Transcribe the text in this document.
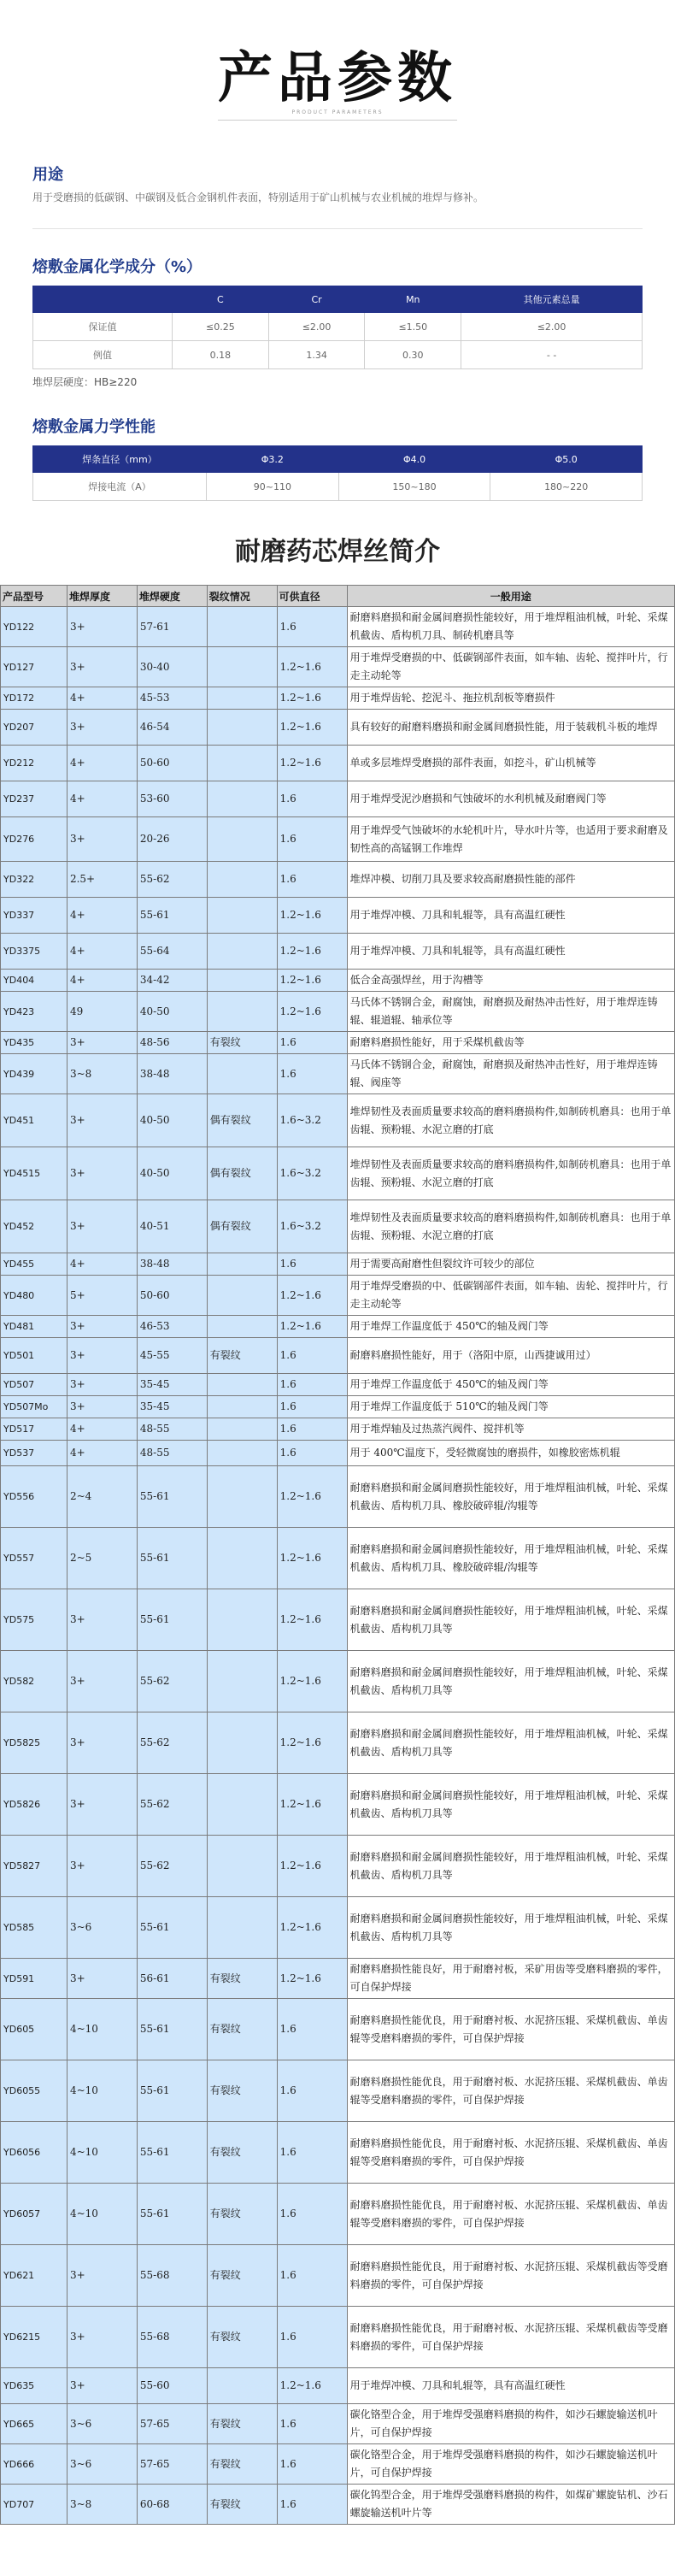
产品参数
PRODUCT PARAMETERS
用途
用于受磨损的低碳钢、中碳钢及低合金钢机件表面，特别适用于矿山机械与农业机械的堆焊与修补。
熔敷金属化学成分（%）
	C	Cr	Mn	其他元素总量
保证值	≤0.25	≤2.00	≤1.50	≤2.00
例值	0.18	1.34	0.30	- -
堆焊层硬度：HB≥220
熔敷金属力学性能
焊条直径（mm）	Φ3.2	Φ4.0	Φ5.0
焊接电流（A）	90~110	150~180	180~220
耐磨药芯焊丝简介
产品型号	堆焊厚度	堆焊硬度	裂纹情况	可供直径	一般用途
YD122	3+	57-61		1.6	耐磨料磨损和耐金属间磨损性能较好，用于堆焊粗油机械，叶轮、采煤机截齿、盾构机刀具、制砖机磨具等
YD127	3+	30-40		1.2~1.6	用于堆焊受磨损的中、低碳钢部件表面，如车轴、齿轮、搅拌叶片，行走主动轮等
YD172	4+	45-53		1.2~1.6	用于堆焊齿轮、挖泥斗、拖拉机刮板等磨损件
YD207	3+	46-54		1.2~1.6	具有较好的耐磨料磨损和耐金属间磨损性能，用于装载机斗板的堆焊
YD212	4+	50-60		1.2~1.6	单或多层堆焊受磨损的部件表面，如挖斗，矿山机械等
YD237	4+	53-60		1.6	用于堆焊受泥沙磨损和气蚀破坏的水利机械及耐磨阀门等
YD276	3+	20-26		1.6	用于堆焊受气蚀破坏的水轮机叶片，导水叶片等，也适用于要求耐磨及韧性高的高锰钢工作堆焊
YD322	2.5+	55-62		1.6	堆焊冲模、切削刀具及要求较高耐磨损性能的部件
YD337	4+	55-61		1.2~1.6	用于堆焊冲模、刀具和轧辊等，具有高温红硬性
YD3375	4+	55-64		1.2~1.6	用于堆焊冲模、刀具和轧辊等，具有高温红硬性
YD404	4+	34-42		1.2~1.6	低合金高强焊丝，用于沟槽等
YD423	49	40-50		1.2~1.6	马氏体不锈钢合金，耐腐蚀，耐磨损及耐热冲击性好，用于堆焊连铸辊、辊道辊、轴承位等
YD435	3+	48-56	有裂纹	1.6	耐磨料磨损性能好，用于采煤机截齿等
YD439	3~8	38-48		1.6	马氏体不锈钢合金，耐腐蚀，耐磨损及耐热冲击性好，用于堆焊连铸辊、阀座等
YD451	3+	40-50	偶有裂纹	1.6~3.2	堆焊韧性及表面质量要求较高的磨料磨损构件,如制砖机磨具：也用于单齿辊、预粉辊、水泥立磨的打底
YD4515	3+	40-50	偶有裂纹	1.6~3.2	堆焊韧性及表面质量要求较高的磨料磨损构件,如制砖机磨具：也用于单齿辊、预粉辊、水泥立磨的打底
YD452	3+	40-51	偶有裂纹	1.6~3.2	堆焊韧性及表面质量要求较高的磨料磨损构件,如制砖机磨具：也用于单齿辊、预粉辊、水泥立磨的打底
YD455	4+	38-48		1.6	用于需要高耐磨性但裂纹许可较少的部位
YD480	5+	50-60		1.2~1.6	用于堆焊受磨损的中、低碳钢部件表面，如车轴、齿轮、搅拌叶片，行走主动轮等
YD481	3+	46-53		1.2~1.6	用于堆焊工作温度低于 450℃的轴及阀门等
YD501	3+	45-55	有裂纹	1.6	耐磨料磨损性能好，用于（洛阳中原，山西捷诚用过）
YD507	3+	35-45		1.6	用于堆焊工作温度低于 450℃的轴及阀门等
YD507Mo	3+	35-45		1.6	用于堆焊工作温度低于 510℃的轴及阀门等
YD517	4+	48-55		1.6	用于堆焊轴及过热蒸汽阀件、搅拌机等
YD537	4+	48-55		1.6	用于 400℃温度下，受轻微腐蚀的磨损件，如橡胶密炼机辊
YD556	2~4	55-61		1.2~1.6	耐磨料磨损和耐金属间磨损性能较好，用于堆焊粗油机械，叶轮、采煤机截齿、盾构机刀具、橡胶破碎辊/沟辊等
YD557	2~5	55-61		1.2~1.6	耐磨料磨损和耐金属间磨损性能较好，用于堆焊粗油机械，叶轮、采煤机截齿、盾构机刀具、橡胶破碎辊/沟辊等
YD575	3+	55-61		1.2~1.6	耐磨料磨损和耐金属间磨损性能较好，用于堆焊粗油机械，叶轮、采煤机截齿、盾构机刀具等
YD582	3+	55-62		1.2~1.6	耐磨料磨损和耐金属间磨损性能较好，用于堆焊粗油机械，叶轮、采煤机截齿、盾构机刀具等
YD5825	3+	55-62		1.2~1.6	耐磨料磨损和耐金属间磨损性能较好，用于堆焊粗油机械，叶轮、采煤机截齿、盾构机刀具等
YD5826	3+	55-62		1.2~1.6	耐磨料磨损和耐金属间磨损性能较好，用于堆焊粗油机械，叶轮、采煤机截齿、盾构机刀具等
YD5827	3+	55-62		1.2~1.6	耐磨料磨损和耐金属间磨损性能较好，用于堆焊粗油机械，叶轮、采煤机截齿、盾构机刀具等
YD585	3~6	55-61		1.2~1.6	耐磨料磨损和耐金属间磨损性能较好，用于堆焊粗油机械，叶轮、采煤机截齿、盾构机刀具等
YD591	3+	56-61	有裂纹	1.2~1.6	耐磨料磨损性能良好，用于耐磨衬板，采矿用齿等受磨料磨损的零件，可自保护焊接
YD605	4~10	55-61	有裂纹	1.6	耐磨料磨损性能优良，用于耐磨衬板、水泥挤压辊、采煤机截齿、单齿辊等受磨料磨损的零件，可自保护焊接
YD6055	4~10	55-61	有裂纹	1.6	耐磨料磨损性能优良，用于耐磨衬板、水泥挤压辊、采煤机截齿、单齿辊等受磨料磨损的零件，可自保护焊接
YD6056	4~10	55-61	有裂纹	1.6	耐磨料磨损性能优良，用于耐磨衬板、水泥挤压辊、采煤机截齿、单齿辊等受磨料磨损的零件，可自保护焊接
YD6057	4~10	55-61	有裂纹	1.6	耐磨料磨损性能优良，用于耐磨衬板、水泥挤压辊、采煤机截齿、单齿辊等受磨料磨损的零件，可自保护焊接
YD621	3+	55-68	有裂纹	1.6	耐磨料磨损性能优良，用于耐磨衬板、水泥挤压辊、采煤机截齿等受磨料磨损的零件，可自保护焊接
YD6215	3+	55-68	有裂纹	1.6	耐磨料磨损性能优良，用于耐磨衬板、水泥挤压辊、采煤机截齿等受磨料磨损的零件，可自保护焊接
YD635	3+	55-60		1.2~1.6	用于堆焊冲模、刀具和轧辊等，具有高温红硬性
YD665	3~6	57-65	有裂纹	1.6	碳化铬型合金，用于堆焊受强磨料磨损的构件，如沙石螺旋输送机叶片，可自保护焊接
YD666	3~6	57-65	有裂纹	1.6	碳化铬型合金，用于堆焊受强磨料磨损的构件，如沙石螺旋输送机叶片，可自保护焊接
YD707	3~8	60-68	有裂纹	1.6	碳化钨型合金，用于堆焊受强磨料磨损的构件，如煤矿螺旋钻机、沙石螺旋输送机叶片等
